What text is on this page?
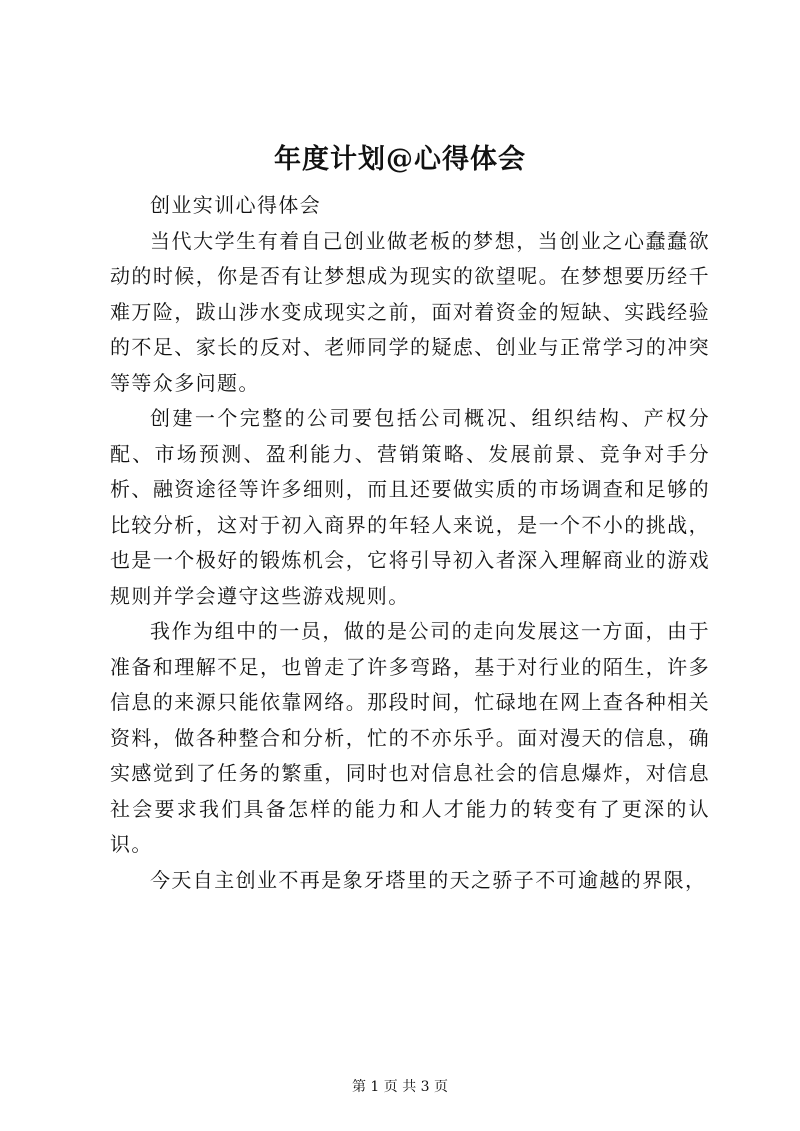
年度计划@心得体会

创业实训心得体会

当代大学生有着自己创业做老板的梦想，当创业之心蠢蠢欲动的时候，你是否有让梦想成为现实的欲望呢。在梦想要历经千难万险，跋山涉水变成现实之前，面对着资金的短缺、实践经验的不足、家长的反对、老师同学的疑虑、创业与正常学习的冲突等等众多问题。

创建一个完整的公司要包括公司概况、组织结构、产权分配、市场预测、盈利能力、营销策略、发展前景、竞争对手分析、融资途径等许多细则，而且还要做实质的市场调查和足够的比较分析，这对于初入商界的年轻人来说，是一个不小的挑战，也是一个极好的锻炼机会，它将引导初入者深入理解商业的游戏规则并学会遵守这些游戏规则。

我作为组中的一员，做的是公司的走向发展这一方面，由于准备和理解不足，也曾走了许多弯路，基于对行业的陌生，许多信息的来源只能依靠网络。那段时间，忙碌地在网上查各种相关资料，做各种整合和分析，忙的不亦乐乎。面对漫天的信息，确实感觉到了任务的繁重，同时也对信息社会的信息爆炸，对信息社会要求我们具备怎样的能力和人才能力的转变有了更深的认识。

今天自主创业不再是象牙塔里的天之骄子不可逾越的界限，

第 1 页 共 3 页
